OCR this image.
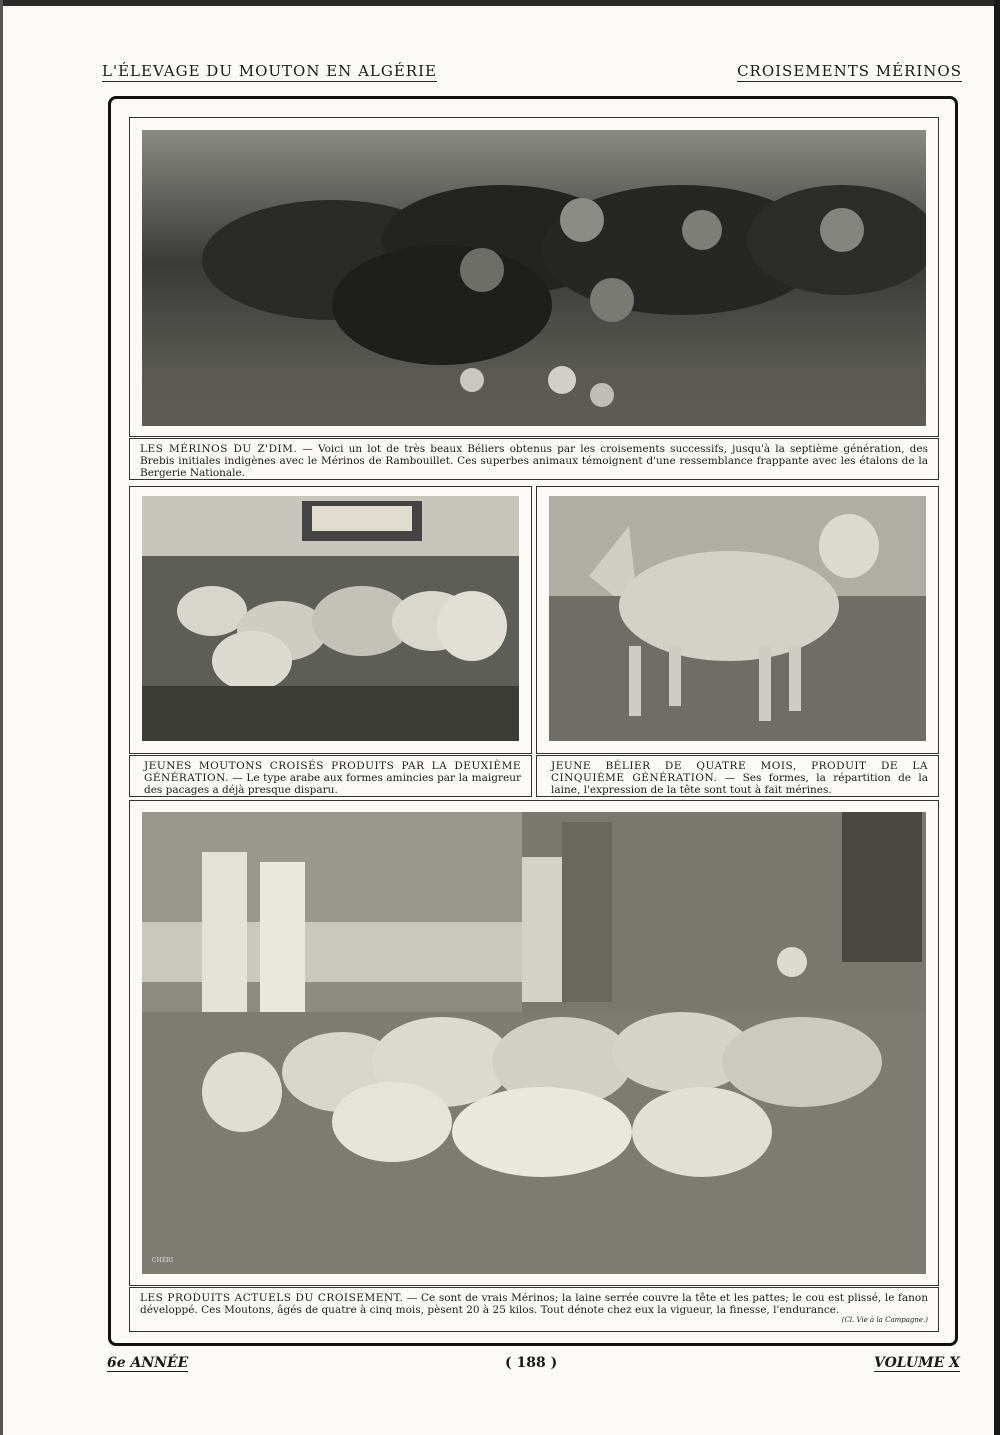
L'ÉLEVAGE DU MOUTON EN ALGÉRIE	CROISEMENTS MÉRINOS
LES MÉRINOS DU Z'DIM. — Voici un lot de très beaux Béliers obtenus par les croisements successifs, jusqu'à la septième génération, des Brebis initiales indigènes avec le Mérinos de Rambouillet. Ces superbes animaux témoignent d'une ressemblance frappante avec les étalons de la Bergerie Nationale.
JEUNES MOUTONS CROISÉS PRODUITS PAR LA DEUXIÈME GÉNÉRATION. — Le type arabe aux formes amincies par la maigreur des pacages a déjà presque disparu.
JEUNE BÉLIER DE QUATRE MOIS, PRODUIT DE LA CINQUIÈME GÉNÉRATION. — Ses formes, la répartition de la laine, l'expression de la tête sont tout à fait mérines.
CHÉRI
LES PRODUITS ACTUELS DU CROISEMENT. — Ce sont de vrais Mérinos; la laine serrée couvre la tête et les pattes; le cou est plissé, le fanon développé. Ces Moutons, âgés de quatre à cinq mois, pèsent 20 à 25 kilos. Tout dénote chez eux la vigueur, la finesse, l'endurance.
(Cl. Vie à la Campagne.)
6e ANNÉE	( 188 )	VOLUME X
